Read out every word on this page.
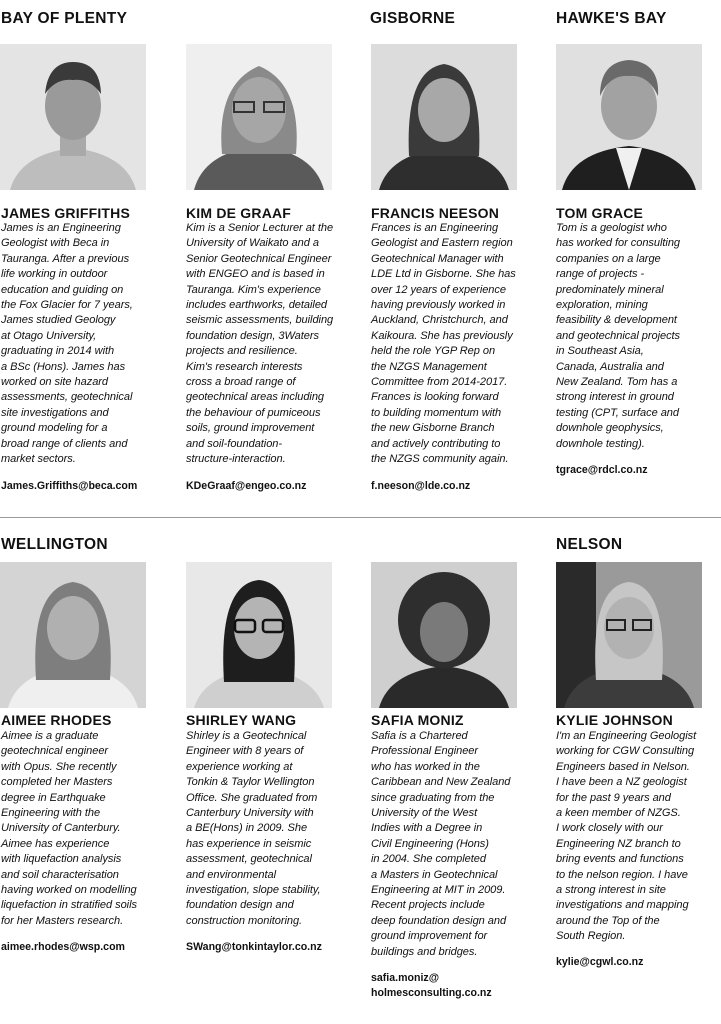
BAY OF PLENTY	GISBORNE	HAWKE'S BAY
WELLINGTON	NELSON
JAMES GRIFFITHS	KIM DE GRAAF	FRANCIS NEESON	TOM GRACE
James is an Engineering
Geologist with Beca in
Tauranga. After a previous
life working in outdoor
education and guiding on
the Fox Glacier for 7 years,
James studied Geology
at Otago University,
graduating in 2014 with
a BSc (Hons). James has
worked on site hazard
assessments, geotechnical
site investigations and
ground modeling for a
broad range of clients and
market sectors.
Kim is a Senior Lecturer at the
University of Waikato and a
Senior Geotechnical Engineer
with ENGEO and is based in
Tauranga. Kim's experience
includes earthworks, detailed
seismic assessments, building
foundation design, 3Waters
projects and resilience.
Kim's research interests
cross a broad range of
geotechnical areas including
the behaviour of pumiceous
soils, ground improvement
and soil-foundation-
structure-interaction.
Frances is an Engineering
Geologist and Eastern region
Geotechnical Manager with
LDE Ltd in Gisborne. She has
over 12 years of experience
having previously worked in
Auckland, Christchurch, and
Kaikoura. She has previously
held the role YGP Rep on
the NZGS Management
Committee from 2014-2017.
Frances is looking forward
to building momentum with
the new Gisborne Branch
and actively contributing to
the NZGS community again.
Tom is a geologist who
has worked for consulting
companies on a large
range of projects -
predominately mineral
exploration, mining
feasibility & development
and geotechnical projects
in Southeast Asia,
Canada, Australia and
New Zealand. Tom has a
strong interest in ground
testing (CPT, surface and
downhole geophysics,
downhole testing).
James.Griffiths@beca.com	KDeGraaf@engeo.co.nz	f.neeson@lde.co.nz
tgrace@rdcl.co.nz
AIMEE RHODES	SHIRLEY WANG	SAFIA MONIZ	KYLIE JOHNSON
Aimee is a graduate
geotechnical engineer
with Opus. She recently
completed her Masters
degree in Earthquake
Engineering with the
University of Canterbury.
Aimee has experience
with liquefaction analysis
and soil characterisation
having worked on modelling
liquefaction in stratified soils
for her Masters research.
Shirley is a Geotechnical
Engineer with 8 years of
experience working at
Tonkin & Taylor Wellington
Office. She graduated from
Canterbury University with
a BE(Hons) in 2009. She
has experience in seismic
assessment, geotechnical
and environmental
investigation, slope stability,
foundation design and
construction monitoring.
Safia is a Chartered
Professional Engineer
who has worked in the
Caribbean and New Zealand
since graduating from the
University of the West
Indies with a Degree in
Civil Engineering (Hons)
in 2004. She completed
a Masters in Geotechnical
Engineering at MIT in 2009.
Recent projects include
deep foundation design and
ground improvement for
buildings and bridges.
I'm an Engineering Geologist
working for CGW Consulting
Engineers based in Nelson.
I have been a NZ geologist
for the past 9 years and
a keen member of NZGS.
I work closely with our
Engineering NZ branch to
bring events and functions
to the nelson region. I have
a strong interest in site
investigations and mapping
around the Top of the
South Region.
aimee.rhodes@wsp.com	SWang@tonkintaylor.co.nz
safia.moniz@
holmesconsulting.co.nz
kylie@cgwl.co.nz
